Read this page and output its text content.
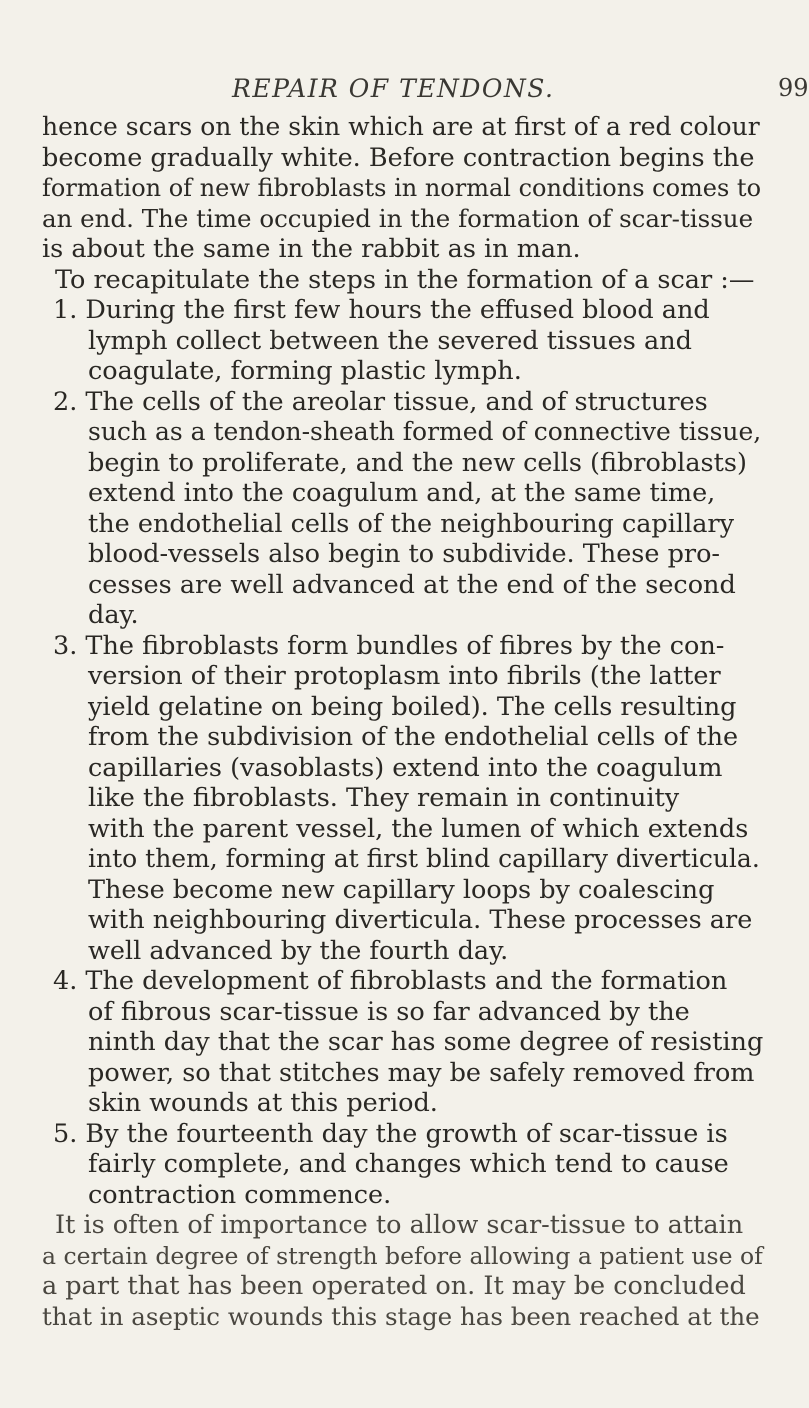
REPAIR OF TENDONS.	99
hence scars on the skin which are at first of a red colour
become gradually white. Before contraction begins the
formation of new fibroblasts in normal conditions comes to
an end. The time occupied in the formation of scar-tissue
is about the same in the rabbit as in man.
To recapitulate the steps in the formation of a scar :—
1. During the first few hours the effused blood and
lymph collect between the severed tissues and
coagulate, forming plastic lymph.
2. The cells of the areolar tissue, and of structures
such as a tendon-sheath formed of connective tissue,
begin to proliferate, and the new cells (fibroblasts)
extend into the coagulum and, at the same time,
the endothelial cells of the neighbouring capillary
blood-vessels also begin to subdivide. These pro-
cesses are well advanced at the end of the second
day.
3. The fibroblasts form bundles of fibres by the con-
version of their protoplasm into fibrils (the latter
yield gelatine on being boiled). The cells resulting
from the subdivision of the endothelial cells of the
capillaries (vasoblasts) extend into the coagulum
like the fibroblasts. They remain in continuity
with the parent vessel, the lumen of which extends
into them, forming at first blind capillary diverticula.
These become new capillary loops by coalescing
with neighbouring diverticula. These processes are
well advanced by the fourth day.
4. The development of fibroblasts and the formation
of fibrous scar-tissue is so far advanced by the
ninth day that the scar has some degree of resisting
power, so that stitches may be safely removed from
skin wounds at this period.
5. By the fourteenth day the growth of scar-tissue is
fairly complete, and changes which tend to cause
contraction commence.
It is often of importance to allow scar-tissue to attain
a certain degree of strength before allowing a patient use of
a part that has been operated on. It may be concluded
that in aseptic wounds this stage has been reached at the
